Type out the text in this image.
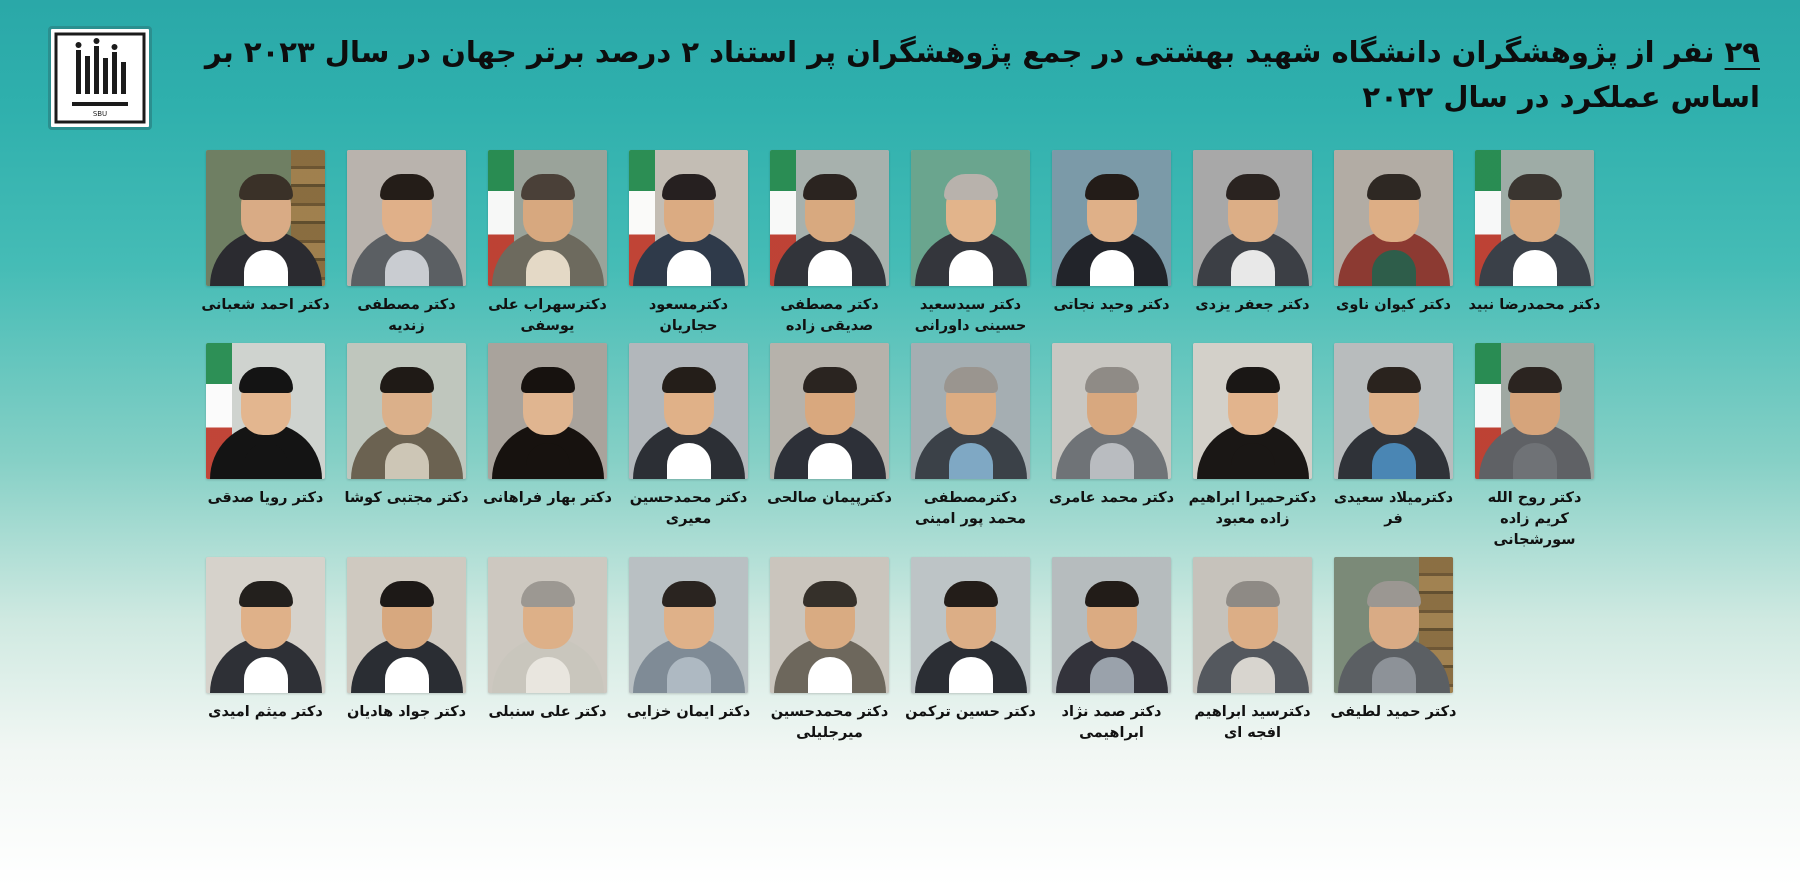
SBU
۲۹ نفر از پژوهشگران دانشگاه شهید بهشتی در جمع پژوهشگران پر استناد ۲ درصد برتر جهان در سال ۲۰۲۳ بر اساس عملکرد در سال ۲۰۲۲
دکتر احمد شعبانی	دکتر مصطفی زندیه
دکترسهراب علی یوسفی
دکترمسعود حجاریان
دکتر مصطفی صدیقی زاده
دکتر سیدسعید حسینی داورانی
دکتر وحید نجاتی	دکتر جعفر یزدی	دکتر کیوان ناوی	دکتر محمدرضا نبید
دکتر رویا صدقی	دکتر مجتبی کوشا دکتر بهار فراهانی	دکتر محمدحسین معیری
دکترپیمان صالحی	دکترمصطفی محمد پور امینی
دکتر محمد عامری دکترحمیرا ابراهیم زاده معبود
دکترمیلاد سعیدی فر
دکتر روح الله کریم زاده سورشجانی
دکتر میثم امیدی	دکتر جواد هادیان	دکتر علی سنبلی	دکتر ایمان خزایی	دکتر محمدحسین میرجلیلی
دکتر حسین ترکمن	دکتر صمد نژاد ابراهیمی
دکترسید ابراهیم افجه ای
دکتر حمید لطیفی
